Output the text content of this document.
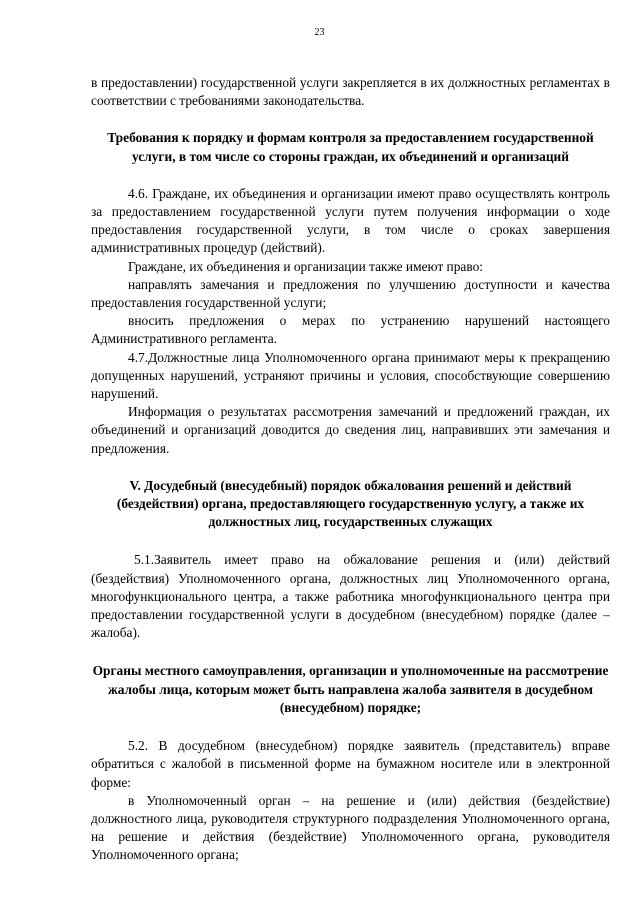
23

в предоставлении) государственной услуги закрепляется в их должностных регламентах в соответствии с требованиями законодательства.

Требования к порядку и формам контроля за предоставлением государственной услуги, в том числе со стороны граждан, их объединений и организаций

4.6. Граждане, их объединения и организации имеют право осуществлять контроль за предоставлением государственной услуги путем получения информации о ходе предоставления государственной услуги, в том числе о сроках завершения административных процедур (действий).

Граждане, их объединения и организации также имеют право:

направлять замечания и предложения по улучшению доступности и качества предоставления государственной услуги;

вносить предложения о мерах по устранению нарушений настоящего Административного регламента.

4.7.Должностные лица Уполномоченного органа принимают меры к прекращению допущенных нарушений, устраняют причины и условия, способствующие совершению нарушений.

Информация о результатах рассмотрения замечаний и предложений граждан, их объединений и организаций доводится до сведения лиц, направивших эти замечания и предложения.

V. Досудебный (внесудебный) порядок обжалования решений и действий (бездействия) органа, предоставляющего государственную услугу, а также их должностных лиц, государственных служащих

5.1.Заявитель имеет право на обжалование решения и (или) действий (бездействия) Уполномоченного органа, должностных лиц Уполномоченного органа, многофункционального центра, а также работника многофункционального центра при предоставлении государственной услуги в досудебном (внесудебном) порядке (далее – жалоба).

Органы местного самоуправления, организации и уполномоченные на рассмотрение жалобы лица, которым может быть направлена жалоба заявителя в досудебном (внесудебном) порядке;

5.2. В досудебном (внесудебном) порядке заявитель (представитель) вправе обратиться с жалобой в письменной форме на бумажном носителе или в электронной форме:

в Уполномоченный орган – на решение и (или) действия (бездействие) должностного лица, руководителя структурного подразделения Уполномоченного органа, на решение и действия (бездействие) Уполномоченного органа, руководителя Уполномоченного органа;
